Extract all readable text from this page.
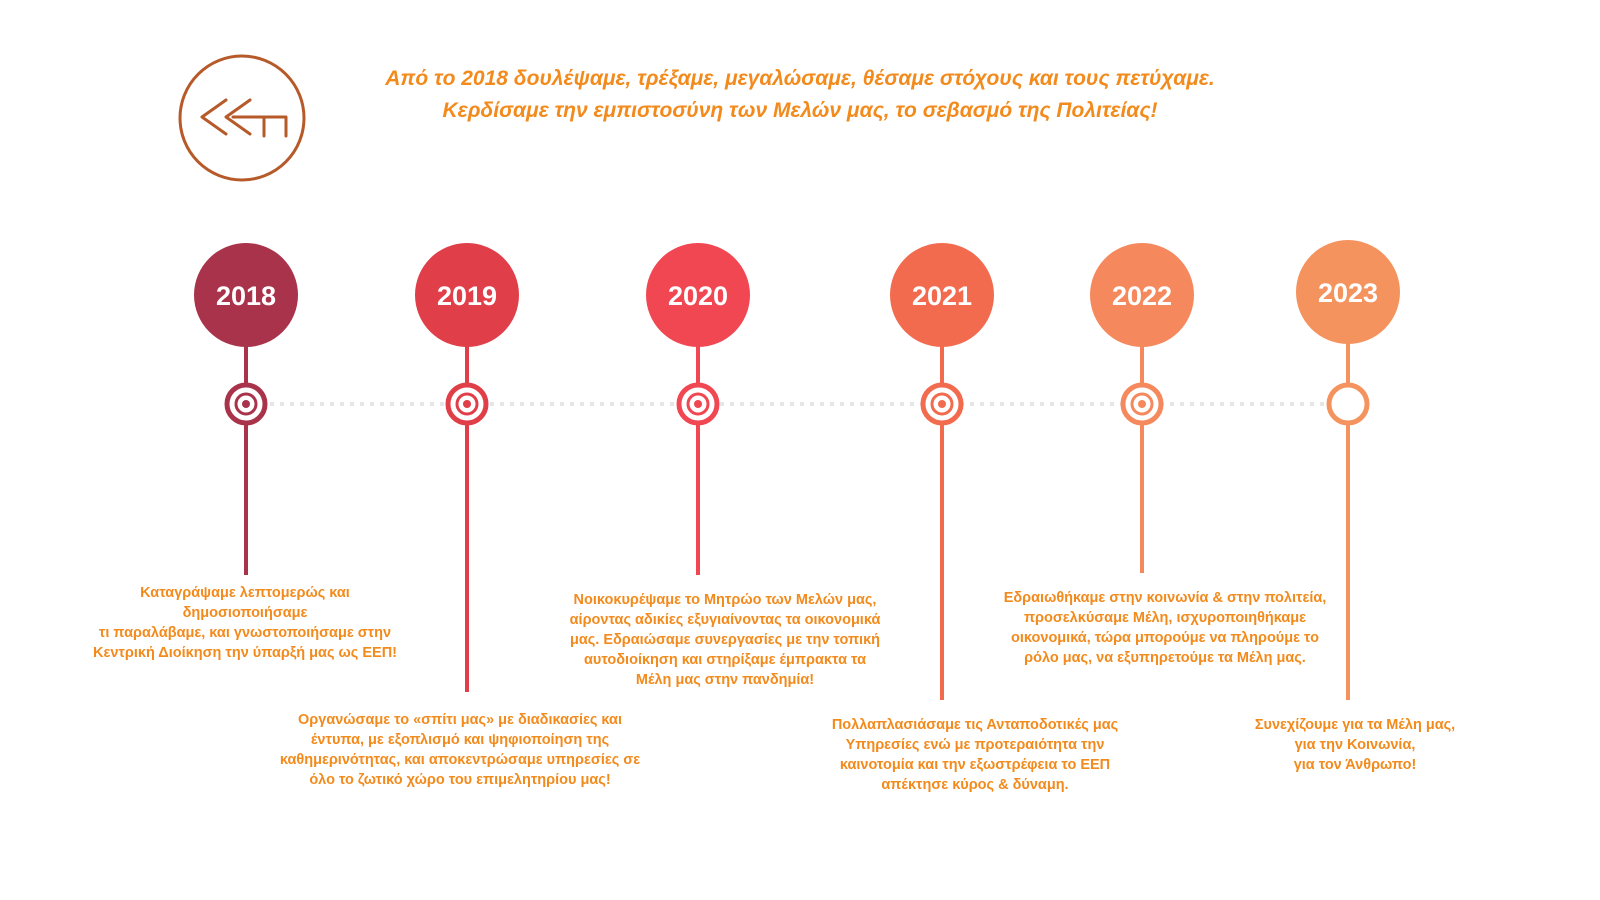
Από το 2018 δουλέψαμε, τρέξαμε, μεγαλώσαμε, θέσαμε στόχους και τους πετύχαμε.

Κερδίσαμε την εμπιστοσύνη των Μελών μας, το σεβασμό της Πολιτείας!

2018	2019	2020	2021	2022	2023

Καταγράψαμε λεπτομερώς και
δημοσιοποιήσαμε
τι παραλάβαμε, και γνωστοποιήσαμε στην
Κεντρική Διοίκηση την ύπαρξή μας ως ΕΕΠ!

Οργανώσαμε το «σπίτι μας» με διαδικασίες και
έντυπα, με εξοπλισμό και ψηφιοποίηση της
καθημερινότητας, και αποκεντρώσαμε υπηρεσίες σε
όλο το ζωτικό χώρο του επιμελητηρίου μας!

Νοικοκυρέψαμε το Μητρώο των Μελών μας,
αίροντας αδικίες εξυγιαίνοντας τα οικονομικά
μας. Εδραιώσαμε συνεργασίες με την τοπική
αυτοδιοίκηση και στηρίξαμε έμπρακτα τα
Μέλη μας στην πανδημία!

Πολλαπλασιάσαμε τις Ανταποδοτικές μας
Υπηρεσίες ενώ με προτεραιότητα την
καινοτομία και την εξωστρέφεια το ΕΕΠ
απέκτησε κύρος & δύναμη.

Εδραιωθήκαμε στην κοινωνία & στην πολιτεία,
προσελκύσαμε Μέλη, ισχυροποιηθήκαμε
οικονομικά, τώρα μπορούμε να πληρούμε το
ρόλο μας, να εξυπηρετούμε τα Μέλη μας.

Συνεχίζουμε για τα Μέλη μας,
για την Κοινωνία,
για τον Άνθρωπο!
